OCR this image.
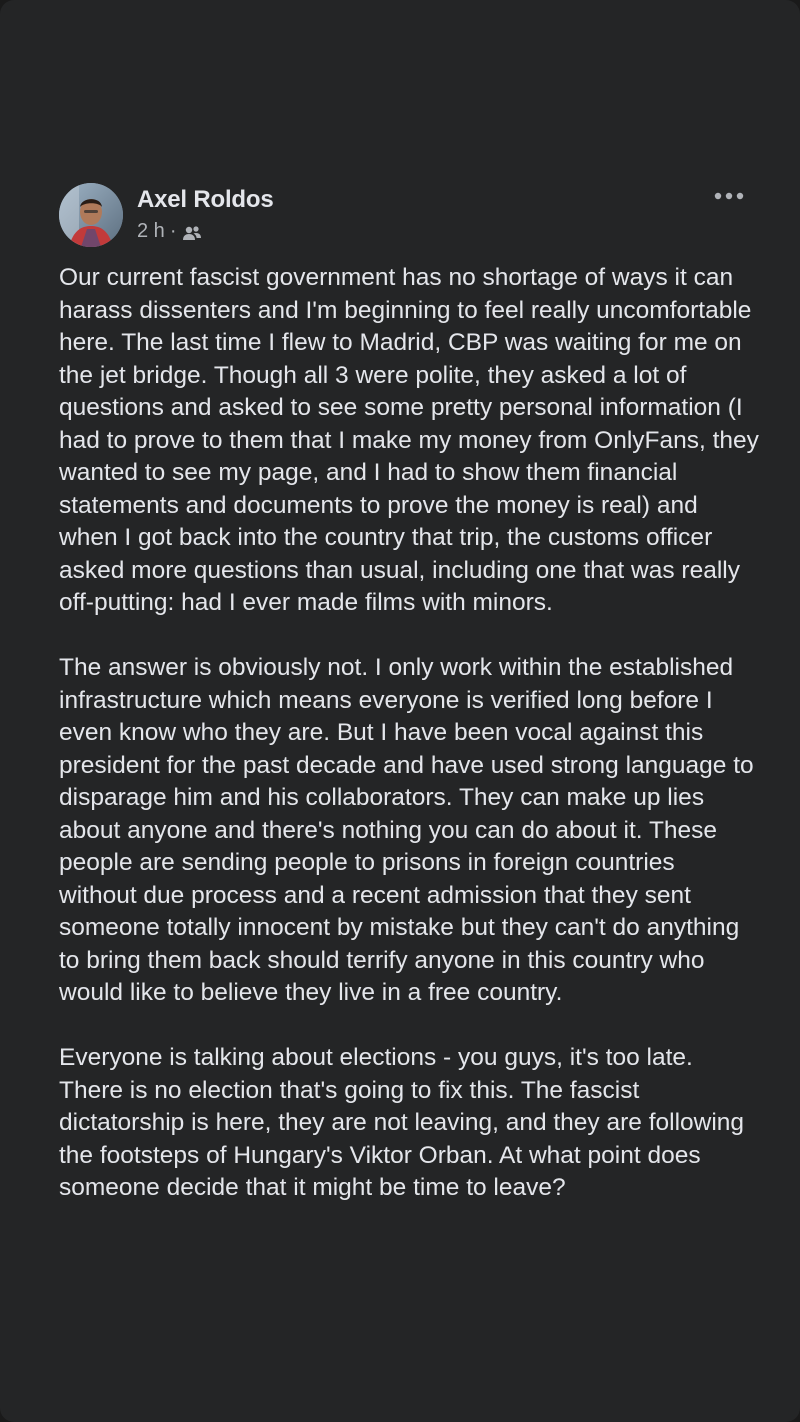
Axel Roldos
2 h ·

Our current fascist government has no shortage of ways it can harass dissenters and I'm beginning to feel really uncomfortable here. The last time I flew to Madrid, CBP was waiting for me on the jet bridge. Though all 3 were polite, they asked a lot of questions and asked to see some pretty personal information (I had to prove to them that I make my money from OnlyFans, they wanted to see my page, and I had to show them financial statements and documents to prove the money is real) and when I got back into the country that trip, the customs officer asked more questions than usual, including one that was really off-putting: had I ever made films with minors.

The answer is obviously not. I only work within the established infrastructure which means everyone is verified long before I even know who they are. But I have been vocal against this president for the past decade and have used strong language to disparage him and his collaborators. They can make up lies about anyone and there's nothing you can do about it. These people are sending people to prisons in foreign countries without due process and a recent admission that they sent someone totally innocent by mistake but they can't do anything to bring them back should terrify anyone in this country who would like to believe they live in a free country.

Everyone is talking about elections - you guys, it's too late. There is no election that's going to fix this. The fascist dictatorship is here, they are not leaving, and they are following the footsteps of Hungary's Viktor Orban. At what point does someone decide that it might be time to leave?
